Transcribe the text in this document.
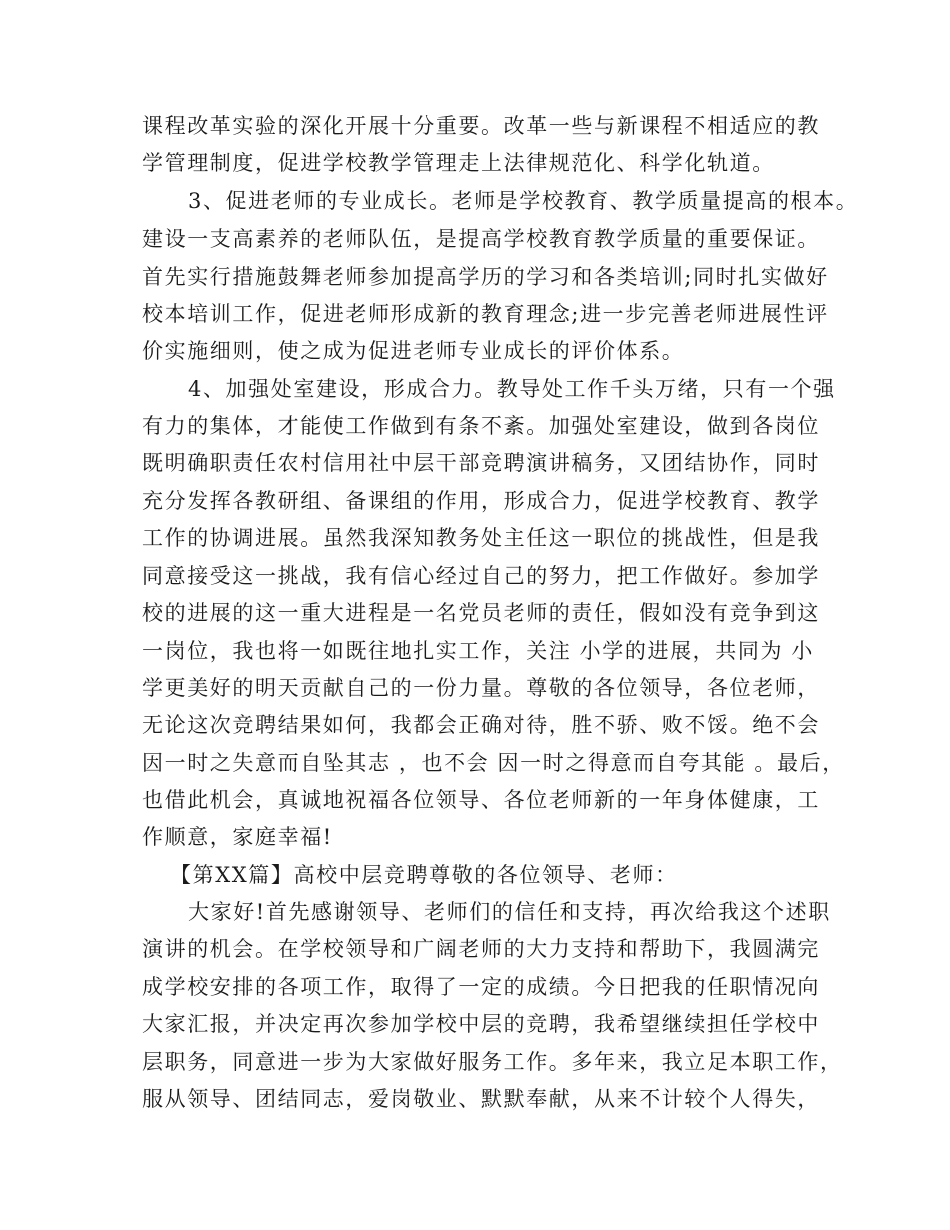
课程改革实验的深化开展十分重要。改革一些与新课程不相适应的教
学管理制度，促进学校教学管理走上法律规范化、科学化轨道。
3、促进老师的专业成长。老师是学校教育、教学质量提高的根本。
建设一支高素养的老师队伍，是提高学校教育教学质量的重要保证。
首先实行措施鼓舞老师参加提高学历的学习和各类培训;同时扎实做好
校本培训工作，促进老师形成新的教育理念;进一步完善老师进展性评
价实施细则，使之成为促进老师专业成长的评价体系。
4、加强处室建设，形成合力。教导处工作千头万绪，只有一个强
有力的集体，才能使工作做到有条不紊。加强处室建设，做到各岗位
既明确职责任农村信用社中层干部竞聘演讲稿务，又团结协作，同时
充分发挥各教研组、备课组的作用，形成合力，促进学校教育、教学
工作的协调进展。虽然我深知教务处主任这一职位的挑战性，但是我
同意接受这一挑战，我有信心经过自己的努力，把工作做好。参加学
校的进展的这一重大进程是一名党员老师的责任，假如没有竞争到这
一岗位，我也将一如既往地扎实工作，关注 小学的进展，共同为 小
学更美好的明天贡献自己的一份力量。尊敬的各位领导，各位老师，
无论这次竞聘结果如何，我都会正确对待，胜不骄、败不馁。绝不会
因一时之失意而自坠其志 ，也不会 因一时之得意而自夸其能 。最后，
也借此机会，真诚地祝福各位领导、各位老师新的一年身体健康，工
作顺意，家庭幸福!
【第XX篇】高校中层竞聘尊敬的各位领导、老师：
大家好!首先感谢领导、老师们的信任和支持，再次给我这个述职
演讲的机会。在学校领导和广阔老师的大力支持和帮助下，我圆满完
成学校安排的各项工作，取得了一定的成绩。今日把我的任职情况向
大家汇报，并决定再次参加学校中层的竞聘，我希望继续担任学校中
层职务，同意进一步为大家做好服务工作。多年来，我立足本职工作，
服从领导、团结同志，爱岗敬业、默默奉献，从来不计较个人得失，
